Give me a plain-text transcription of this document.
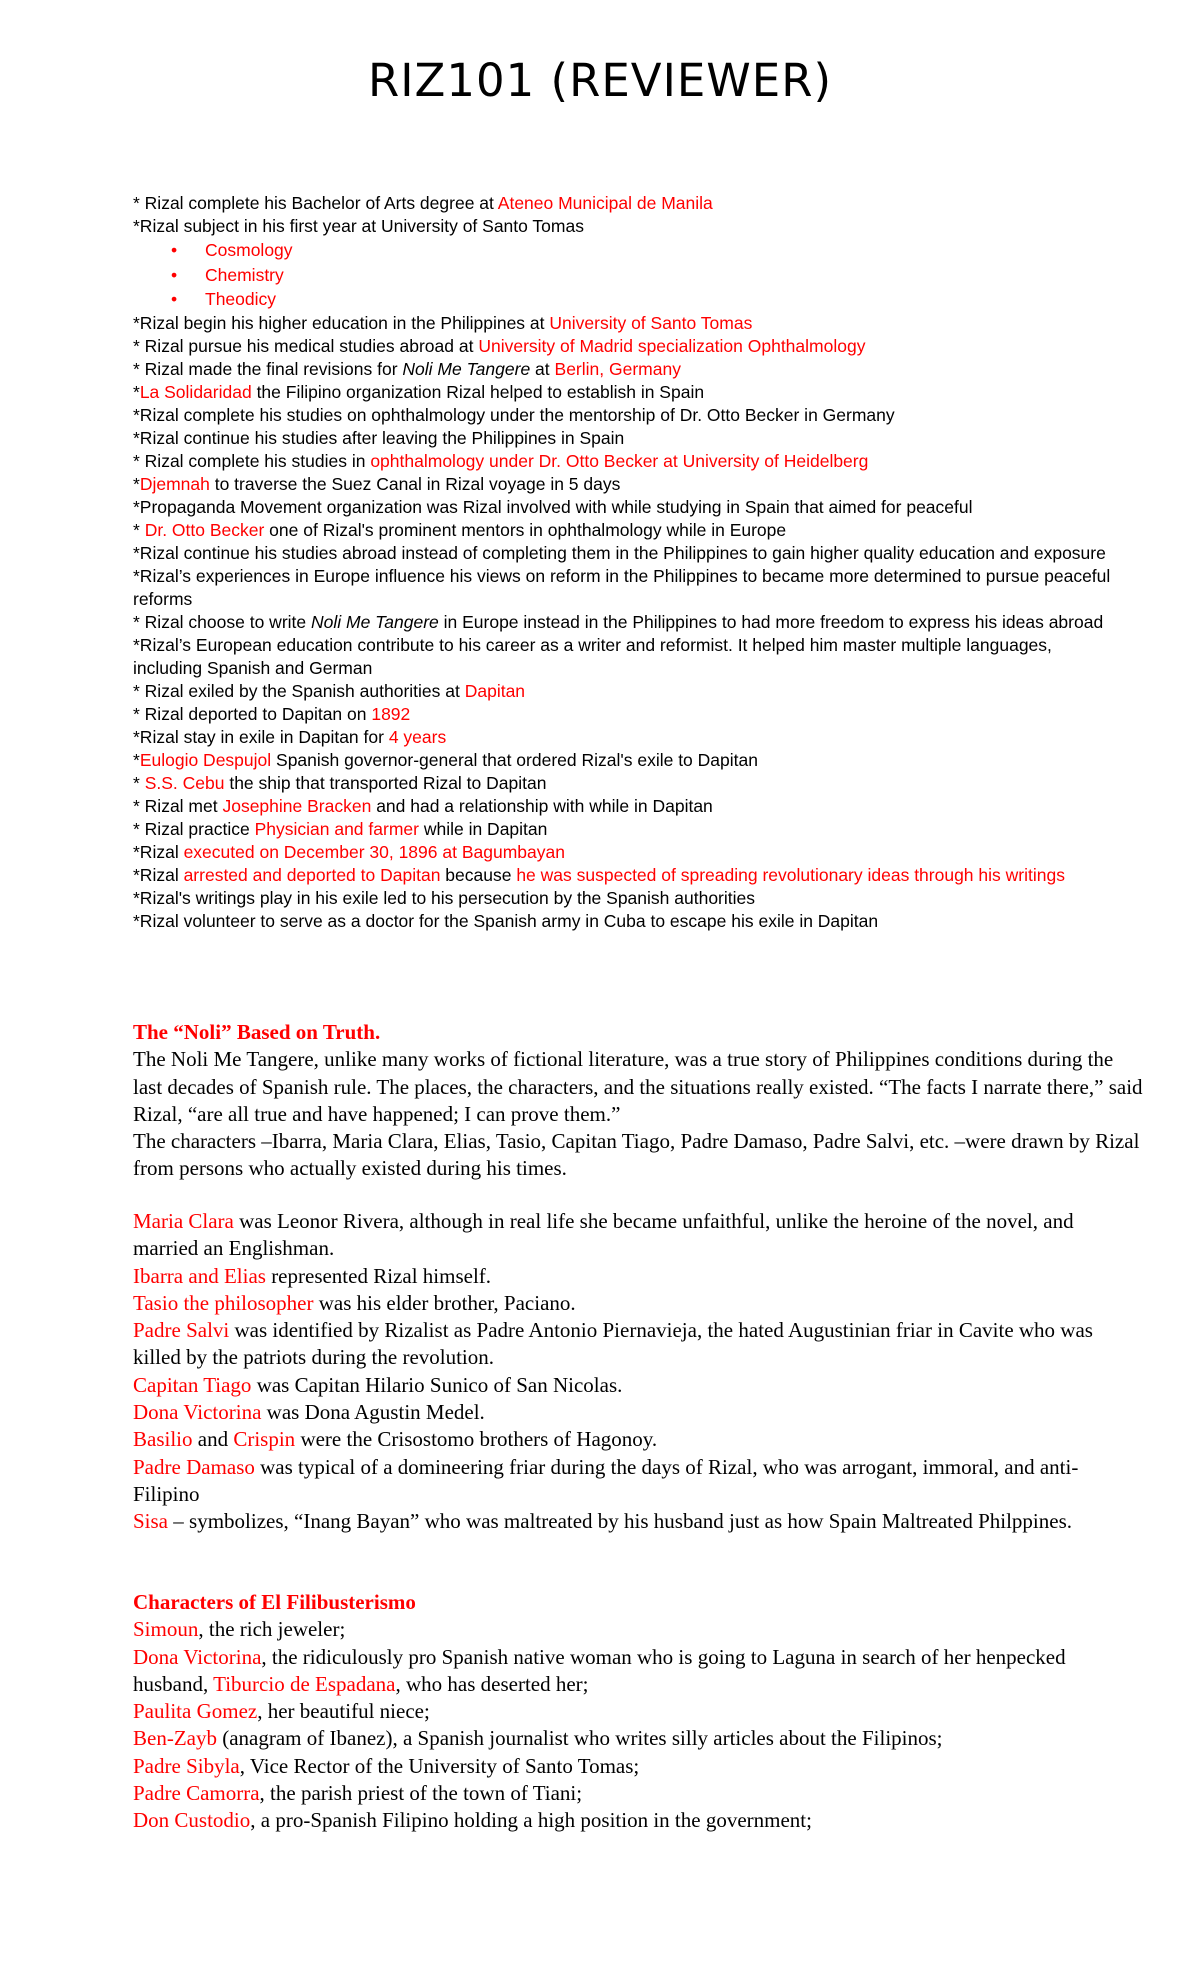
RIZ101 (REVIEWER)

* Rizal complete his Bachelor of Arts degree at Ateneo Municipal de Manila

*Rizal subject in his first year at University of Santo Tomas

• Cosmology
• Chemistry
• Theodicy

*Rizal begin his higher education in the Philippines at University of Santo Tomas

* Rizal pursue his medical studies abroad at University of Madrid specialization Ophthalmology

* Rizal made the final revisions for Noli Me Tangere at Berlin, Germany

*La Solidaridad the Filipino organization Rizal helped to establish in Spain

*Rizal complete his studies on ophthalmology under the mentorship of Dr. Otto Becker in Germany

*Rizal continue his studies after leaving the Philippines in Spain

* Rizal complete his studies in ophthalmology under Dr. Otto Becker at University of Heidelberg

*Djemnah to traverse the Suez Canal in Rizal voyage in 5 days

*Propaganda Movement organization was Rizal involved with while studying in Spain that aimed for peaceful

* Dr. Otto Becker one of Rizal's prominent mentors in ophthalmology while in Europe

*Rizal continue his studies abroad instead of completing them in the Philippines to gain higher quality education and exposure

*Rizal’s experiences in Europe influence his views on reform in the Philippines to became more determined to pursue peaceful reforms

* Rizal choose to write Noli Me Tangere in Europe instead in the Philippines to had more freedom to express his ideas abroad

*Rizal’s European education contribute to his career as a writer and reformist. It helped him master multiple languages, including Spanish and German

* Rizal exiled by the Spanish authorities at Dapitan

* Rizal deported to Dapitan on 1892

*Rizal stay in exile in Dapitan for 4 years

*Eulogio Despujol Spanish governor-general that ordered Rizal's exile to Dapitan

* S.S. Cebu the ship that transported Rizal to Dapitan

* Rizal met Josephine Bracken and had a relationship with while in Dapitan

* Rizal practice Physician and farmer while in Dapitan

*Rizal executed on December 30, 1896 at Bagumbayan

*Rizal arrested and deported to Dapitan because he was suspected of spreading revolutionary ideas through his writings

*Rizal's writings play in his exile led to his persecution by the Spanish authorities

*Rizal volunteer to serve as a doctor for the Spanish army in Cuba to escape his exile in Dapitan

The “Noli” Based on Truth.

The Noli Me Tangere, unlike many works of fictional literature, was a true story of Philippines conditions during the last decades of Spanish rule. The places, the characters, and the situations really existed. “The facts I narrate there,” said Rizal, “are all true and have happened; I can prove them.”

The characters –Ibarra, Maria Clara, Elias, Tasio, Capitan Tiago, Padre Damaso, Padre Salvi, etc. –were drawn by Rizal from persons who actually existed during his times.

Maria Clara was Leonor Rivera, although in real life she became unfaithful, unlike the heroine of the novel, and married an Englishman.

Ibarra and Elias represented Rizal himself.

Tasio the philosopher was his elder brother, Paciano.

Padre Salvi was identified by Rizalist as Padre Antonio Piernavieja, the hated Augustinian friar in Cavite who was killed by the patriots during the revolution.

Capitan Tiago was Capitan Hilario Sunico of San Nicolas.

Dona Victorina was Dona Agustin Medel.

Basilio and Crispin were the Crisostomo brothers of Hagonoy.

Padre Damaso was typical of a domineering friar during the days of Rizal, who was arrogant, immoral, and anti-Filipino

Sisa – symbolizes, “Inang Bayan” who was maltreated by his husband just as how Spain Maltreated Philppines.

Characters of El Filibusterismo

Simoun, the rich jeweler;

Dona Victorina, the ridiculously pro Spanish native woman who is going to Laguna in search of her henpecked husband, Tiburcio de Espadana, who has deserted her;

Paulita Gomez, her beautiful niece;

Ben-Zayb (anagram of Ibanez), a Spanish journalist who writes silly articles about the Filipinos;

Padre Sibyla, Vice Rector of the University of Santo Tomas;

Padre Camorra, the parish priest of the town of Tiani;

Don Custodio, a pro-Spanish Filipino holding a high position in the government;
